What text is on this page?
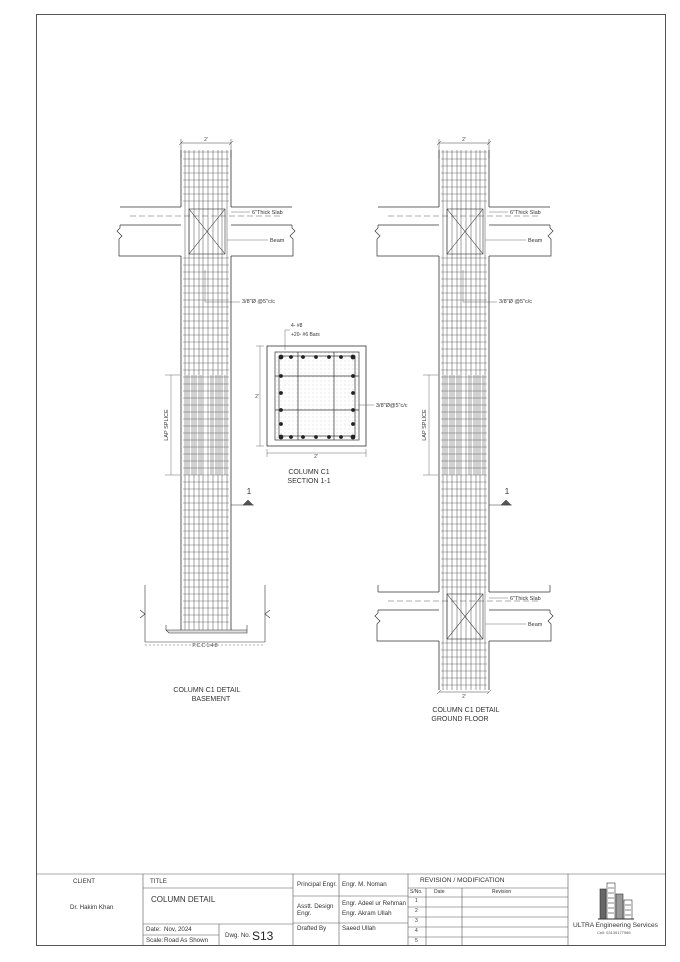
2'
6"Thick Slab
Beam
3/8"Ø @5"c/c
LAP SPLICE
1
P.C.C 1:4:8
COLUMN C1 DETAIL
BASEMENT
2'
6"Thick Slab
Beam
3/8"Ø @5"c/c
LAP SPLICE
1
6"Thick Slab
Beam
2'
COLUMN C1 DETAIL
GROUND FLOOR
4- #8
+20- #6 Bars
3/8"Ø@5"c/c
2'
2'
COLUMN C1
SECTION 1-1
CLIENT
Dr. Hakim Khan
TITLE
COLUMN DETAIL
Date: Nov, 2024
Scale: Road As Shown
Dwg. No. S13
Principal Engr. Engr. M. Noman
Asstt. Design
Engr.
Engr. Adeel ur Rehman
Engr. Akram Ullah
Drafted By	Saeed Ullah
REVISION / MODIFICATION
S/No. Date	Revision
1
2
3
4
5
ULTRA Engineering Services
Cell: 03139177986
